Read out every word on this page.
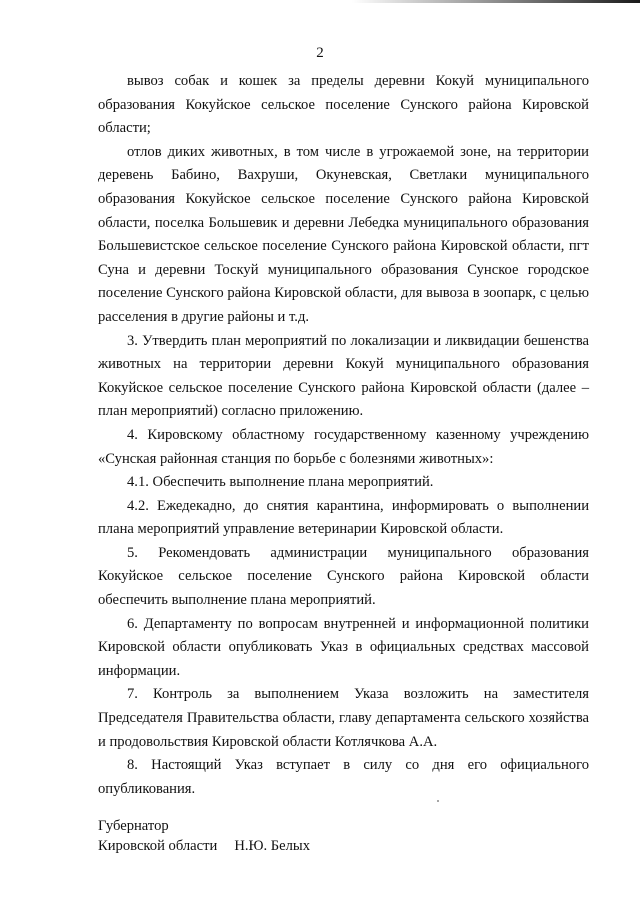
2

вывоз собак и кошек за пределы деревни Кокуй муниципального образования Кокуйское сельское поселение Сунского района Кировской области;

отлов диких животных, в том числе в угрожаемой зоне, на территории деревень Бабино, Вахруши, Окуневская, Светлаки муниципального образования Кокуйское сельское поселение Сунского района Кировской области, поселка Большевик и деревни Лебедка муниципального образования Большевистское сельское поселение Сунского района Кировской области, пгт Суна и деревни Тоскуй муниципального образования Сунское городское поселение Сунского района Кировской области, для вывоза в зоопарк, с целью расселения в другие районы и т.д.

3. Утвердить план мероприятий по локализации и ликвидации бешенства животных на территории деревни Кокуй муниципального образования Кокуйское сельское поселение Сунского района Кировской области (далее – план мероприятий) согласно приложению.

4. Кировскому областному государственному казенному учреждению «Сунская районная станция по борьбе с болезнями животных»:

4.1. Обеспечить выполнение плана мероприятий.

4.2. Ежедекадно, до снятия карантина, информировать о выполнении плана мероприятий управление ветеринарии Кировской области.

5. Рекомендовать администрации муниципального образования Кокуйское сельское поселение Сунского района Кировской области обеспечить выполнение плана мероприятий.

6. Департаменту по вопросам внутренней и информационной политики Кировской области опубликовать Указ в официальных средствах массовой информации.

7. Контроль за выполнением Указа возложить на заместителя Председателя Правительства области, главу департамента сельского хозяйства и продовольствия Кировской области Котлячкова А.А.

8. Настоящий Указ вступает в силу со дня его официального опубликования.

Губернатор
Кировской области Н.Ю. Белых
